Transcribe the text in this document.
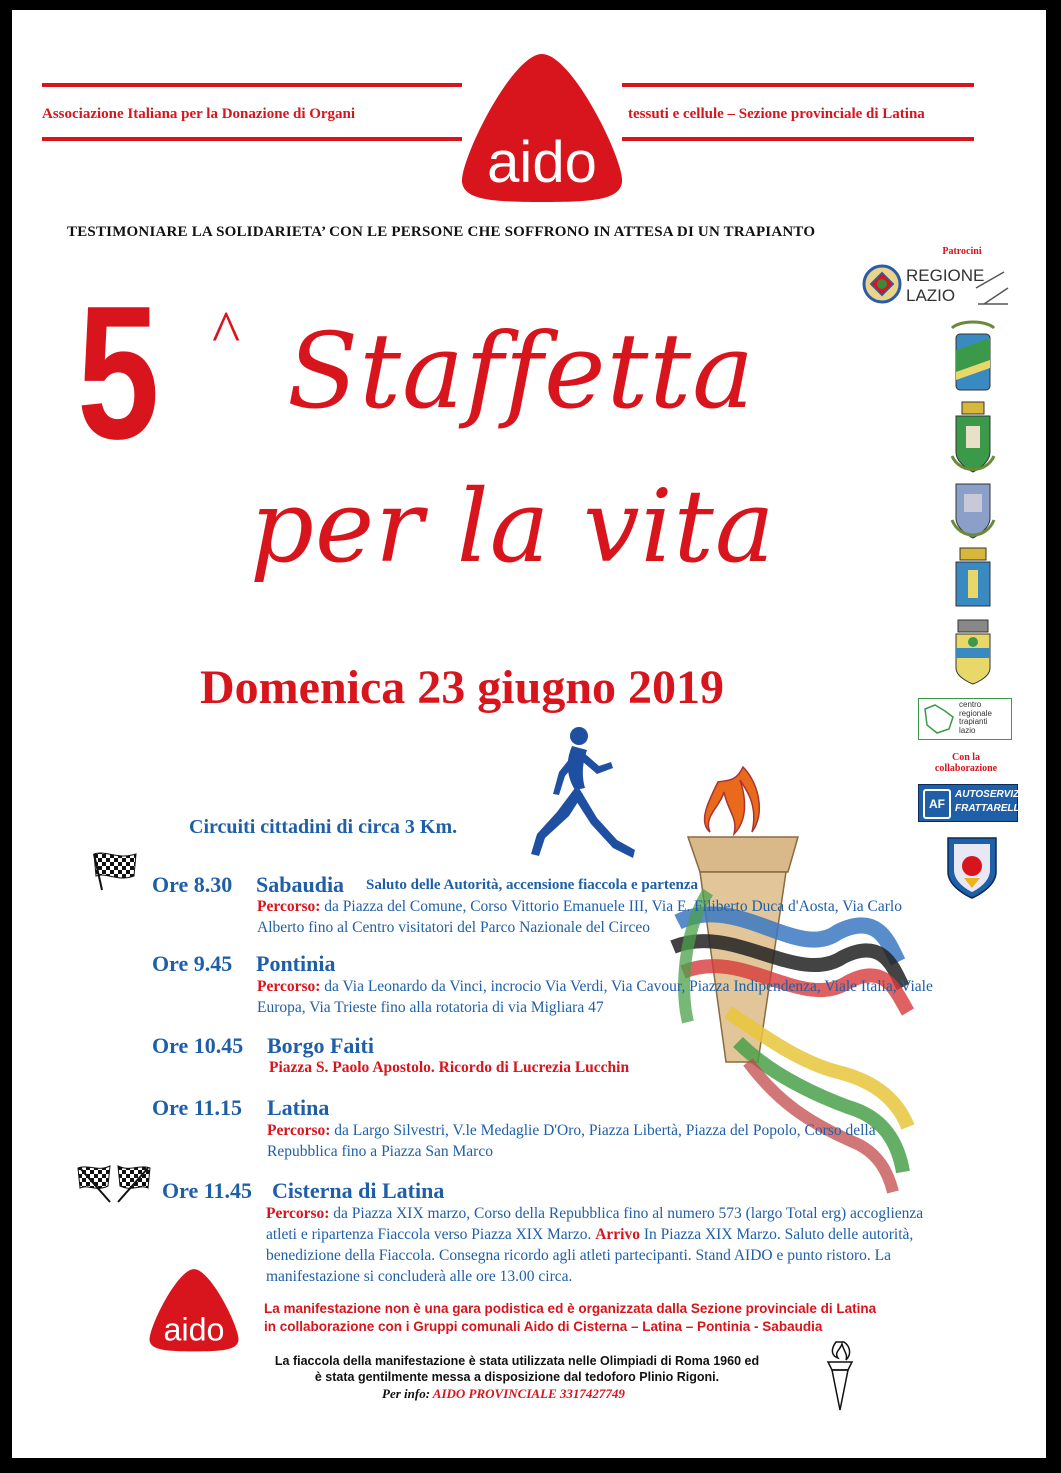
Associazione Italiana per la Donazione di Organi	tessuti e cellule – Sezione provinciale di Latina
aido
TESTIMONIARE LA SOLIDARIETA’ CON LE PERSONE CHE SOFFRONO IN ATTESA DI UN TRAPIANTO
5 ^ Staffetta
per la vita
Domenica 23 giugno 2019
Circuiti cittadini di circa 3 Km.
Ore 8.30 Sabaudia Saluto delle Autorità, accensione fiaccola e partenza
Percorso: da Piazza del Comune, Corso Vittorio Emanuele III, Via E. Filiberto Duca d'Aosta, Via Carlo Alberto fino al Centro visitatori del Parco Nazionale del Circeo
Ore 9.45 Pontinia
Percorso: da Via Leonardo da Vinci, incrocio Via Verdi, Via Cavour, Piazza Indipendenza, Viale Italia, Viale Europa, Via Trieste fino alla rotatoria di via Migliara 47
Ore 10.45 Borgo Faiti
Piazza S. Paolo Apostolo. Ricordo di Lucrezia Lucchin
Ore 11.15 Latina
Percorso: da Largo Silvestri, V.le Medaglie D'Oro, Piazza Libertà, Piazza del Popolo, Corso della Repubblica fino a Piazza San Marco
Ore 11.45 Cisterna di Latina
Percorso: da Piazza XIX marzo, Corso della Repubblica fino al numero 573 (largo Total erg) accoglienza atleti e ripartenza Fiaccola verso Piazza XIX Marzo. Arrivo In Piazza XIX Marzo. Saluto delle autorità, benedizione della Fiaccola. Consegna ricordo agli atleti partecipanti. Stand AIDO e punto ristoro. La manifestazione si concluderà alle ore 13.00 circa.
aido
La manifestazione non è una gara podistica ed è organizzata dalla Sezione provinciale di Latina
in collaborazione con i Gruppi comunali Aido di Cisterna – Latina – Pontinia - Sabaudia
La fiaccola della manifestazione è stata utilizzata nelle Olimpiadi di Roma 1960 ed
è stata gentilmente messa a disposizione dal tedoforo Plinio Rigoni.
Per info: AIDO PROVINCIALE 3317427749
Patrocini
REGIONE
LAZIO
centro
regionale
trapianti
lazio
Con la
collaborazione
AF
AUTOSERVIZI
FRATTARELLI
